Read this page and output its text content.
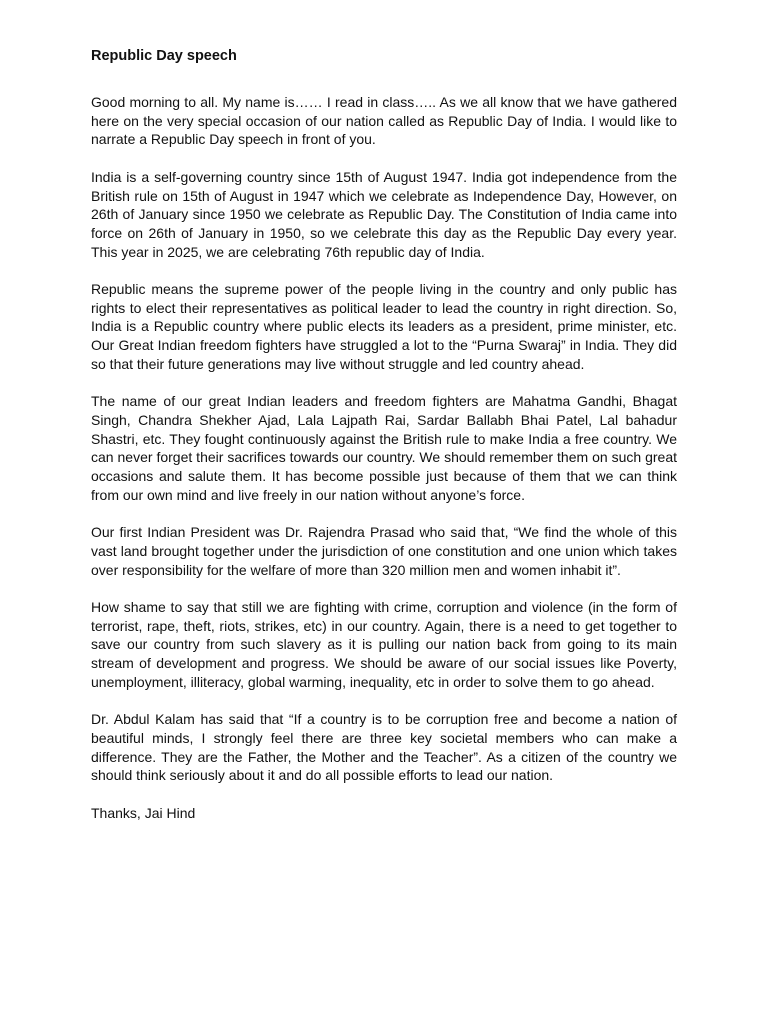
Republic Day speech

Good morning to all. My name is…… I read in class….. As we all know that we have gathered here on the very special occasion of our nation called as Republic Day of India. I would like to narrate a Republic Day speech in front of you.

India is a self-governing country since 15th of August 1947. India got independence from the British rule on 15th of August in 1947 which we celebrate as Independence Day, However, on 26th of January since 1950 we celebrate as Republic Day. The Constitution of India came into force on 26th of January in 1950, so we celebrate this day as the Republic Day every year. This year in 2025, we are celebrating 76th republic day of India.

Republic means the supreme power of the people living in the country and only public has rights to elect their representatives as political leader to lead the country in right direction. So, India is a Republic country where public elects its leaders as a president, prime minister, etc. Our Great Indian freedom fighters have struggled a lot to the “Purna Swaraj” in India. They did so that their future generations may live without struggle and led country ahead.

The name of our great Indian leaders and freedom fighters are Mahatma Gandhi, Bhagat Singh, Chandra Shekher Ajad, Lala Lajpath Rai, Sardar Ballabh Bhai Patel, Lal bahadur Shastri, etc. They fought continuously against the British rule to make India a free country. We can never forget their sacrifices towards our country. We should remember them on such great occasions and salute them. It has become possible just because of them that we can think from our own mind and live freely in our nation without anyone’s force.

Our first Indian President was Dr. Rajendra Prasad who said that, “We find the whole of this vast land brought together under the jurisdiction of one constitution and one union which takes over responsibility for the welfare of more than 320 million men and women inhabit it”.

How shame to say that still we are fighting with crime, corruption and violence (in the form of terrorist, rape, theft, riots, strikes, etc) in our country. Again, there is a need to get together to save our country from such slavery as it is pulling our nation back from going to its main stream of development and progress. We should be aware of our social issues like Poverty, unemployment, illiteracy, global warming, inequality, etc in order to solve them to go ahead.

Dr. Abdul Kalam has said that “If a country is to be corruption free and become a nation of beautiful minds, I strongly feel there are three key societal members who can make a difference. They are the Father, the Mother and the Teacher”. As a citizen of the country we should think seriously about it and do all possible efforts to lead our nation.

Thanks, Jai Hind
